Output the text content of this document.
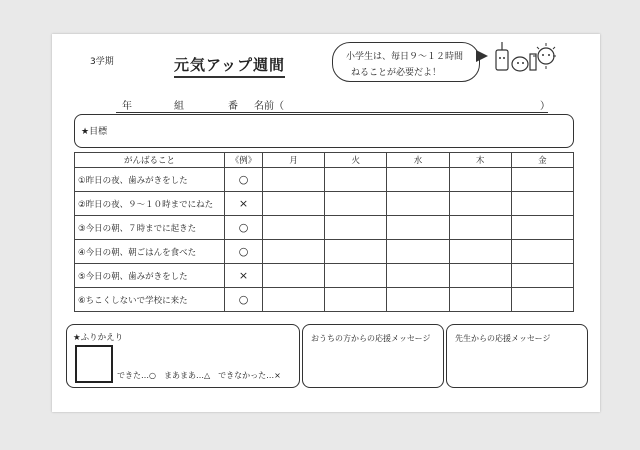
3学期	元気アップ週間	小学生は、毎日９～１２時間
ねることが必要だよ！
年	組	番 名前（	）
★目標
がんばること	《例》	月	火	水	木	金
①昨日の夜、歯みがきをした	○					
②昨日の夜、９～１０時までにねた	×					
③今日の朝、７時までに起きた	○					
④今日の朝、朝ごはんを食べた	○					
⑤今日の朝、歯みがきをした	×					
⑥ちこくしないで学校に来た	○					
★ふりかえり
できた…○　まあまあ…△　できなかった…×
おうちの方からの応援メッセージ	先生からの応援メッセージ
